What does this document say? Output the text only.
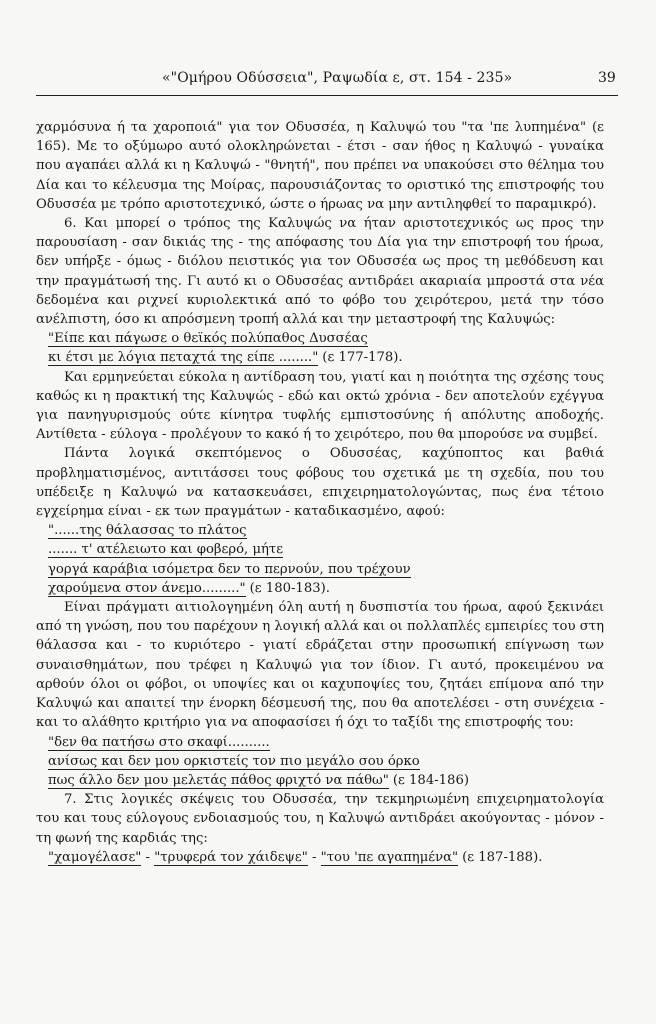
«"Ομήρου Οδύσσεια", Ραψωδία ε, στ. 154 - 235»	39

χαρμόσυνα ή τα χαροποιά" για τον Οδυσσέα, η Καλυψώ του "τα 'πε λυπημένα" (ε 165). Με το οξύμωρο αυτό ολοκληρώνεται - έτσι - σαν ήθος η Καλυψώ - γυναίκα που αγαπάει αλλά κι η Καλυψώ - "θνητή", που πρέπει να υπακούσει στο θέλημα του Δία και το κέλευσμα της Μοίρας, παρουσιάζοντας το οριστικό της επιστροφής του Οδυσσέα με τρόπο αριστοτεχνικό, ώστε ο ήρωας να μην αντιληφθεί το παραμικρό).

6. Και μπορεί ο τρόπος της Καλυψώς να ήταν αριστοτεχνικός ως προς την παρουσίαση - σαν δικιάς της - της απόφασης του Δία για την επιστροφή του ήρωα, δεν υπήρξε - όμως - διόλου πειστικός για τον Οδυσσέα ως προς τη μεθόδευση και την πραγμάτωσή της. Γι αυτό κι ο Οδυσσέας αντιδράει ακαριαία μπροστά στα νέα δεδομένα και ριχνεί κυριολεκτικά από το φόβο του χειρότερου, μετά την τόσο ανέλπιστη, όσο κι απρόσμενη τροπή αλλά και την μεταστροφή της Καλυψώς:

"Είπε και πάγωσε ο θεϊκός πολύπαθος Δυσσέας
κι έτσι με λόγια πεταχτά της είπε ........" (ε 177-178).

Και ερμηνεύεται εύκολα η αντίδραση του, γιατί και η ποιότητα της σχέσης τους καθώς κι η πρακτική της Καλυψώς - εδώ και οκτώ χρόνια - δεν αποτελούν εχέγγυα για πανηγυρισμούς ούτε κίνητρα τυφλής εμπιστοσύνης ή απόλυτης αποδοχής. Αντίθετα - εύλογα - προλέγουν το κακό ή το χειρότερο, που θα μπορούσε να συμβεί.

Πάντα λογικά σκεπτόμενος ο Οδυσσέας, καχύποπτος και βαθιά προβληματισμένος, αντιτάσσει τους φόβους του σχετικά με τη σχεδία, που του υπέδειξε η Καλυψώ να κατασκευάσει, επιχειρηματολογώντας, πως ένα τέτοιο εγχείρημα είναι - εκ των πραγμάτων - καταδικασμένο, αφού:

"......της θάλασσας το πλάτος
....... τ' ατέλειωτο και φοβερό, μήτε
γοργά καράβια ισόμετρα δεν το περνούν, που τρέχουν
χαρούμενα στον άνεμο........." (ε 180-183).

Είναι πράγματι αιτιολογημένη όλη αυτή η δυσπιστία του ήρωα, αφού ξεκινάει από τη γνώση, που του παρέχουν η λογική αλλά και οι πολλαπλές εμπειρίες του στη θάλασσα και - το κυριότερο - γιατί εδράζεται στην προσωπική επίγνωση των συναισθημάτων, που τρέφει η Καλυψώ για τον ίδιον. Γι αυτό, προκειμένου να αρθούν όλοι οι φόβοι, οι υποψίες και οι καχυποψίες του, ζητάει επίμονα από την Καλυψώ και απαιτεί την ένορκη δέσμευσή της, που θα αποτελέσει - στη συνέχεια - και το αλάθητο κριτήριο για να αποφασίσει ή όχι το ταξίδι της επιστροφής του:

"δεν θα πατήσω στο σκαφί..........
ανίσως και δεν μου ορκιστείς τον πιο μεγάλο σου όρκο
πως άλλο δεν μου μελετάς πάθος φριχτό να πάθω" (ε 184-186)

7. Στις λογικές σκέψεις του Οδυσσέα, την τεκμηριωμένη επιχειρηματολογία του και τους εύλογους ενδοιασμούς του, η Καλυψώ αντιδράει ακούγοντας - μόνον - τη φωνή της καρδιάς της:

"χαμογέλασε" - "τρυφερά τον χάιδεψε" - "του 'πε αγαπημένα" (ε 187-188).
